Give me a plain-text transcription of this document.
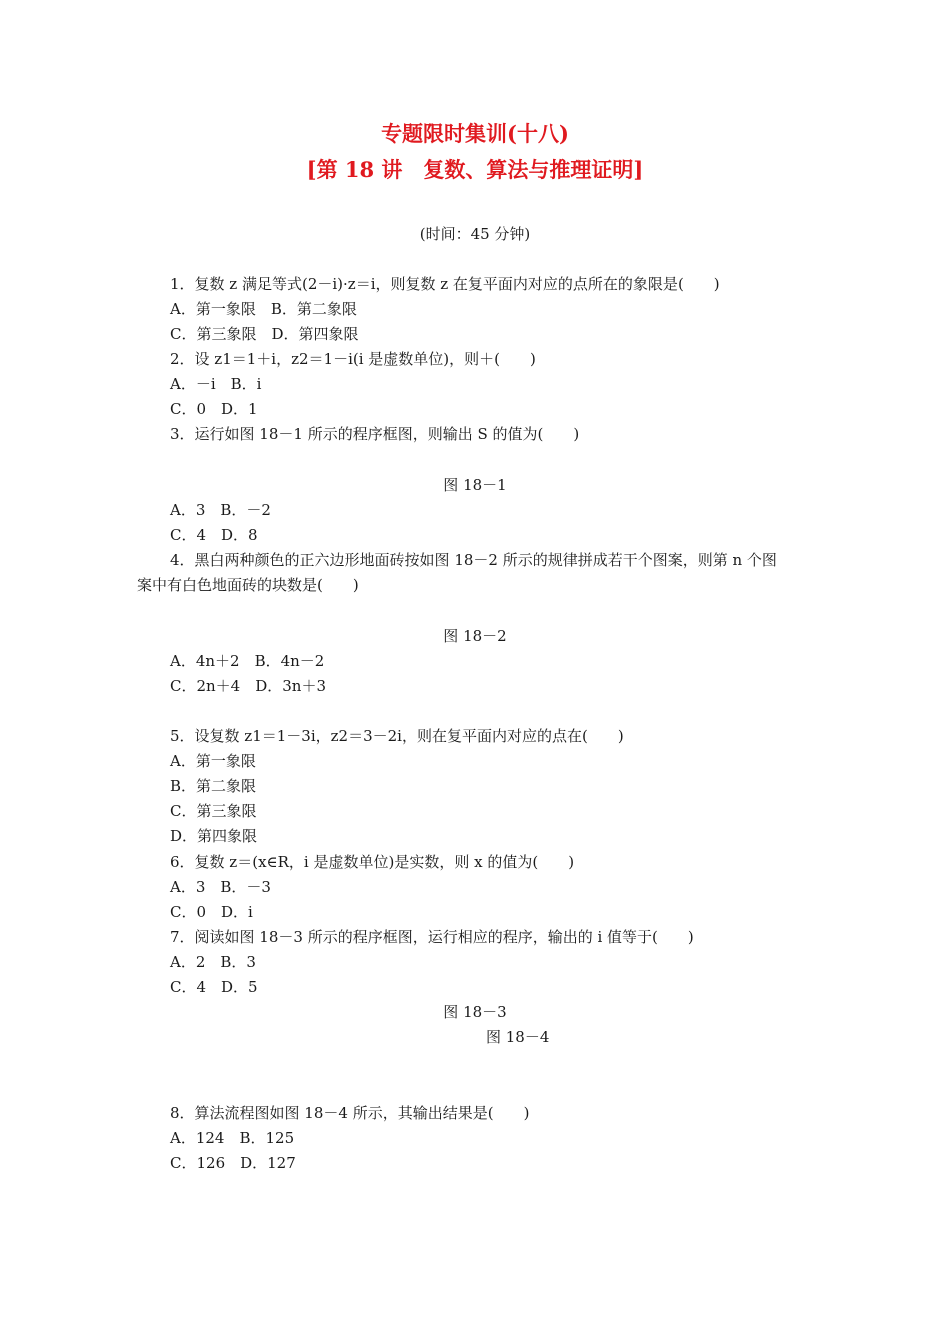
专题限时集训(十八)
[第 18 讲　复数、算法与推理证明]
(时间：45 分钟)
1．复数 z 满足等式(2－i)·z＝i，则复数 z 在复平面内对应的点所在的象限是(　　)
A．第一象限　B．第二象限
C．第三象限　D．第四象限
2．设 z1＝1＋i，z2＝1－i(i 是虚数单位)，则＋(　　)
A．－i　B．i
C．0　D．1
3．运行如图 18－1 所示的程序框图，则输出 S 的值为(　　)
图 18－1
A．3　B．－2
C．4　D．8
4．黑白两种颜色的正六边形地面砖按如图 18－2 所示的规律拼成若干个图案，则第 n 个图
案中有白色地面砖的块数是(　　)
图 18－2
A．4n＋2　B．4n－2
C．2n＋4　D．3n＋3
5．设复数 z1＝1－3i，z2＝3－2i，则在复平面内对应的点在(　　)
A．第一象限
B．第二象限
C．第三象限
D．第四象限
6．复数 z＝(x∈R，i 是虚数单位)是实数，则 x 的值为(　　)
A．3　B．－3
C．0　D．i
7．阅读如图 18－3 所示的程序框图，运行相应的程序，输出的 i 值等于(　　)
A．2　B．3
C．4　D．5
图 18－3
图 18－4
8．算法流程图如图 18－4 所示，其输出结果是(　　)
A．124　B．125
C．126　D．127
